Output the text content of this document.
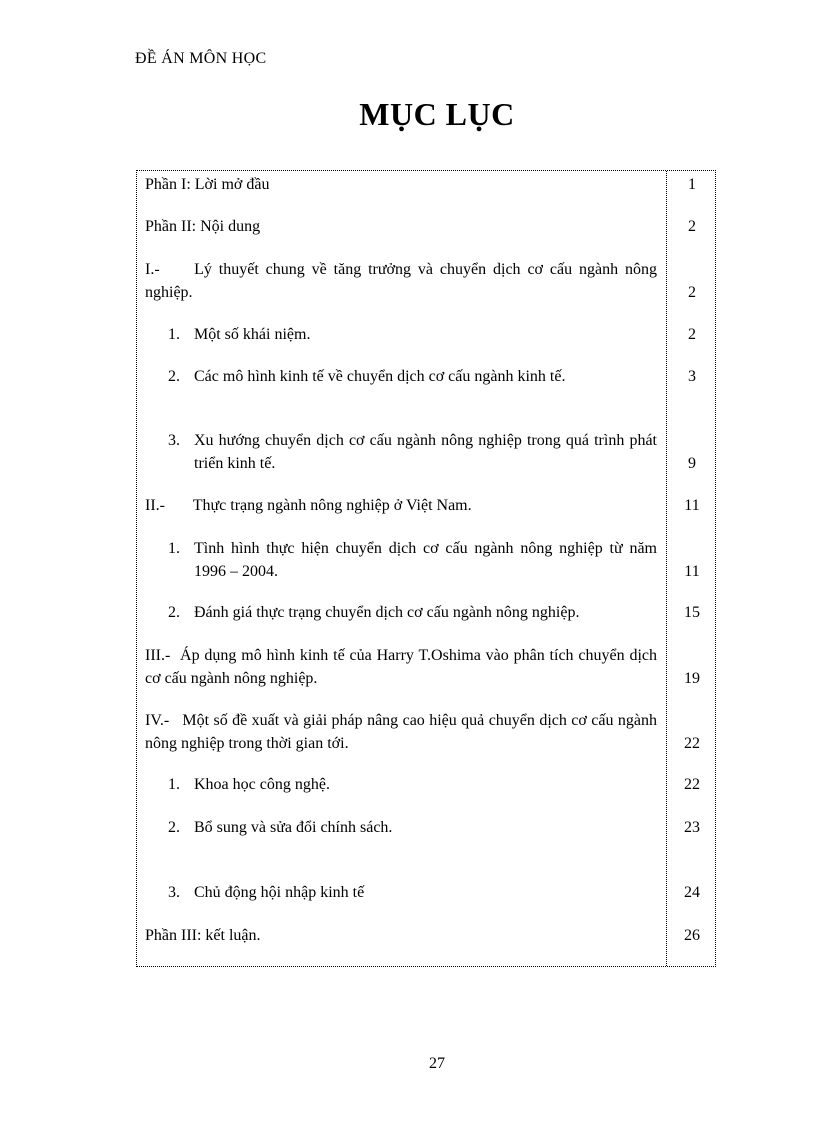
ĐỀ ÁN MÔN HỌC
MỤC LỤC
Phần I: Lời mở đầu	1
Phần II: Nội dung	2
I.-     Lý thuyết chung về tăng trưởng và chuyển dịch cơ cấu ngành nông nghiệp.	2
1. Một số khái niệm.	2
2. Các mô hình kinh tế về chuyển dịch cơ cấu ngành kinh tế.	3
3. Xu hướng chuyển dịch cơ cấu ngành nông nghiệp trong quá trình phát triển kinh tế.	9
II.-       Thực trạng ngành nông nghiệp ở Việt Nam.	11
1. Tình hình thực hiện chuyển dịch cơ cấu ngành nông nghiệp từ năm 1996 – 2004.	11
2. Đánh giá thực trạng chuyển dịch cơ cấu ngành nông nghiệp.	15
III.-  Áp dụng mô hình kinh tế của Harry T.Oshima vào phân tích chuyển dịch cơ cấu ngành nông nghiệp.	19
IV.-   Một số đề xuất và giải pháp nâng cao hiệu quả chuyển dịch cơ cấu ngành nông nghiệp trong thời gian tới.	22
1. Khoa học công nghệ.	22
2. Bổ sung và sửa đổi chính sách.	23
3. Chủ động hội nhập kinh tế	24
Phần III: kết luận.	26
27
